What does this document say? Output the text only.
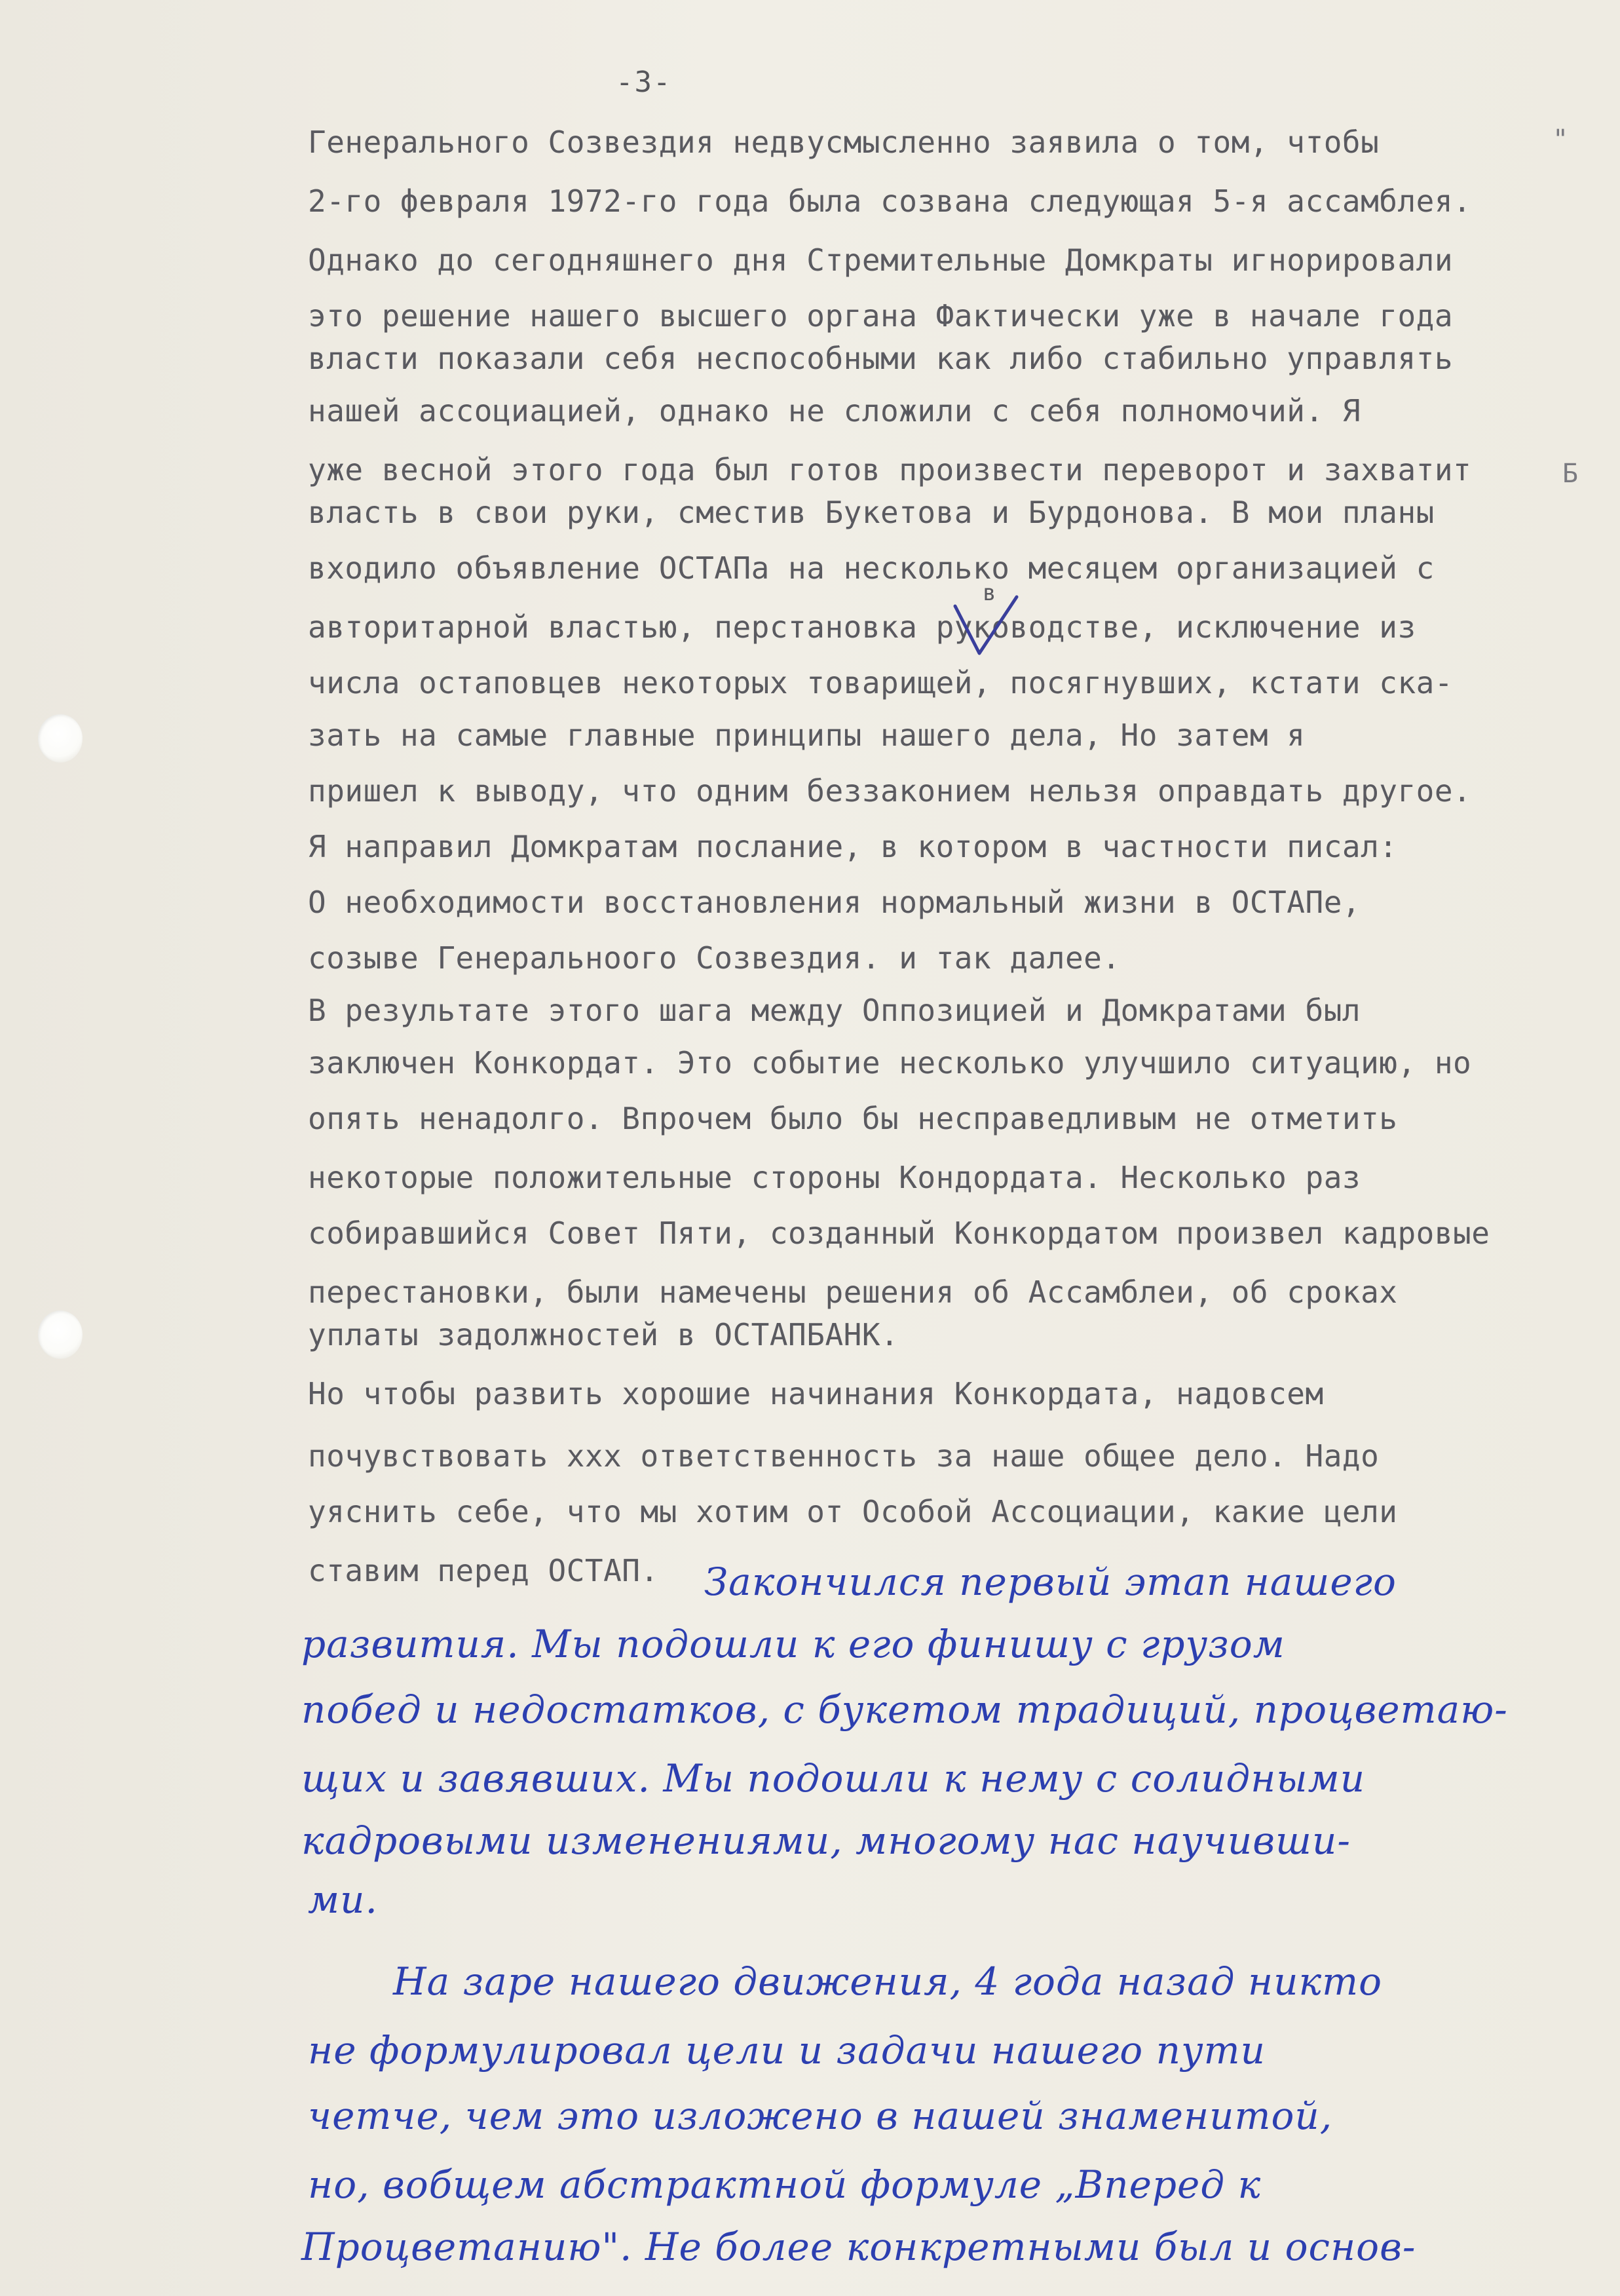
-3-
"
Б
Генерального Созвездия недвусмысленно заявила о том, чтобы
2-го февраля 1972-го года была созвана следующая 5-я ассамблея.
Однако до сегодняшнего дня Стремительные Домкраты игнорировали
это решение нашего высшего органа Фактически уже в начале года
власти показали себя неспособными как либо стабильно управлять
нашей ассоциацией, однако не сложили с себя полномочий. Я
уже весной этого года был готов произвести переворот и захватит
власть в свои руки, сместив Букетова и Бурдонова. В мои планы
входило объявление ОСТАПа на несколько месяцем организацией с
авторитарной властью, перстановка руководстве, исключение из
числа остаповцев некоторых товарищей, посягнувших, кстати ска-
зать на самые главные принципы нашего дела, Но затем я
пришел к выводу, что одним беззаконием нельзя оправдать другое.
Я направил Домкратам послание, в котором в частности писал:
О необходимости восстановления нормальный жизни в ОСТАПе,
созыве Генеральноого Созвездия. и так далее.
В результате этого шага между Оппозицией и Домкратами был
заключен Конкордат. Это событие несколько улучшило ситуацию, но
опять ненадолго. Впрочем было бы несправедливым не отметить
некоторые положительные стороны Кондордата. Несколько раз
собиравшийся Совет Пяти, созданный Конкордатом произвел кадровые
перестановки, были намечены решения об Ассамблеи, об сроках
уплаты задолжностей в ОСТАПБАНК.
Но чтобы развить хорошие начинания Конкордата, надовсем
почувствовать ххх ответственность за наше общее дело. Надо
уяснить себе, что мы хотим от Особой Ассоциации, какие цели
ставим перед ОСТАП.
в
Закончился первый этап нашего
развития. Мы подошли к его финишу с грузом
побед и недостатков, с букетом традиций, процветаю-
щих и завявших. Мы подошли к нему с солидными
кадровыми изменениями, многому нас научивши-
ми.
На заре нашего движения, 4 года назад никто
не формулировал цели и задачи нашего пути
четче, чем это изложено в нашей знаменитой,
но, вобщем абстрактной формуле „Вперед к
Процветанию". Не более конкретными был и основ-
